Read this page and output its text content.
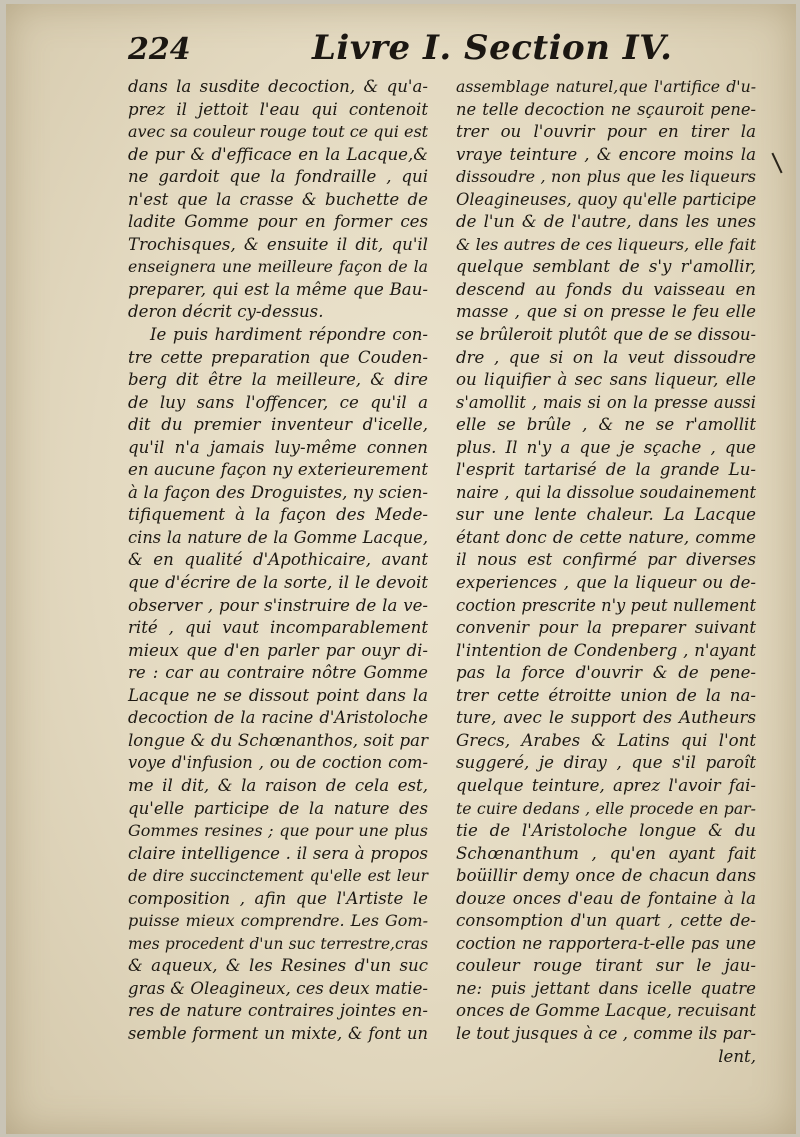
224	Livre I. Section IV.
dans la susdite decoction, & qu'a-
prez il jettoit l'eau qui contenoit
avec sa couleur rouge tout ce qui est
de pur & d'efficace en la Lacque,&
ne gardoit que la fondraille , qui
n'est que la crasse & buchette de
ladite Gomme pour en former ces
Trochisques, & ensuite il dit, qu'il
enseignera une meilleure façon de la
preparer, qui est la même que Bau-
deron décrit cy-dessus.
Ie puis hardiment répondre con-
tre cette preparation que Couden-
berg dit être la meilleure, & dire
de luy sans l'offencer, ce qu'il a
dit du premier inventeur d'icelle,
qu'il n'a jamais luy-même connen
en aucune façon ny exterieurement
à la façon des Droguistes, ny scien-
tifiquement à la façon des Mede-
cins la nature de la Gomme Lacque,
& en qualité d'Apothicaire, avant
que d'écrire de la sorte, il le devoit
observer , pour s'instruire de la ve-
rité , qui vaut incomparablement
mieux que d'en parler par ouyr di-
re : car au contraire nôtre Gomme
Lacque ne se dissout point dans la
decoction de la racine d'Aristoloche
longue & du Schœnanthos, soit par
voye d'infusion , ou de coction com-
me il dit, & la raison de cela est,
qu'elle participe de la nature des
Gommes resines ; que pour une plus
claire intelligence . il sera à propos
de dire succinctement qu'elle est leur
composition , afin que l'Artiste le
puisse mieux comprendre. Les Gom-
mes procedent d'un suc terrestre,cras
& aqueux, & les Resines d'un suc
gras & Oleagineux, ces deux matie-
res de nature contraires jointes en-
semble forment un mixte, & font un
assemblage naturel,que l'artifice d'u-
ne telle decoction ne sçauroit pene-
trer ou l'ouvrir pour en tirer la
vraye teinture , & encore moins la
dissoudre , non plus que les liqueurs
Oleagineuses, quoy qu'elle participe
de l'un & de l'autre, dans les unes
& les autres de ces liqueurs, elle fait
quelque semblant de s'y r'amollir,
descend au fonds du vaisseau en
masse , que si on presse le feu elle
se brûleroit plutôt que de se dissou-
dre , que si on la veut dissoudre
ou liquifier à sec sans liqueur, elle
s'amollit , mais si on la presse aussi
elle se brûle , & ne se r'amollit
plus. Il n'y a que je sçache , que
l'esprit tartarisé de la grande Lu-
naire , qui la dissolue soudainement
sur une lente chaleur. La Lacque
étant donc de cette nature, comme
il nous est confirmé par diverses
experiences , que la liqueur ou de-
coction prescrite n'y peut nullement
convenir pour la preparer suivant
l'intention de Condenberg , n'ayant
pas la force d'ouvrir & de pene-
trer cette étroitte union de la na-
ture, avec le support des Autheurs
Grecs, Arabes & Latins qui l'ont
suggeré, je diray , que s'il paroît
quelque teinture, aprez l'avoir fai-
te cuire dedans , elle procede en par-
tie de l'Aristoloche longue & du
Schœnanthum , qu'en ayant fait
boüillir demy once de chacun dans
douze onces d'eau de fontaine à la
consomption d'un quart , cette de-
coction ne rapportera-t-elle pas une
couleur rouge tirant sur le jau-
ne: puis jettant dans icelle quatre
onces de Gomme Lacque, recuisant
le tout jusques à ce , comme ils par-
lent,
